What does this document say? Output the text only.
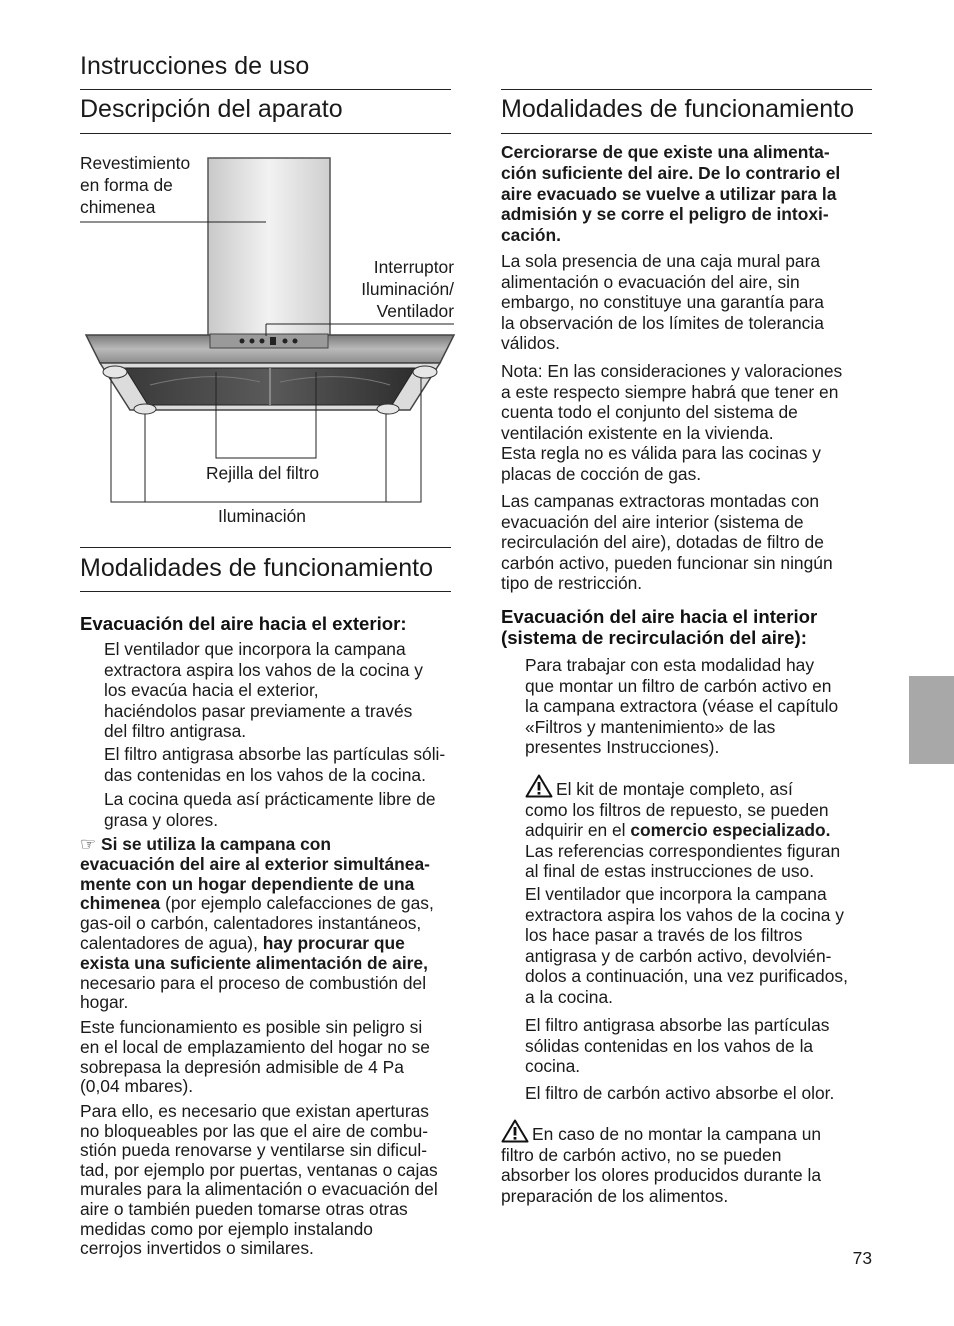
Instrucciones de uso
Descripción del aparato
Revestimiento
en forma de
chimenea
Interruptor
Iluminación/
Ventilador
Rejilla del filtro
Iluminación
Modalidades de funcionamiento
Evacuación del aire hacia el exterior:
El ventilador que incorpora la campana
extractora aspira los vahos de la cocina y
los evacúa hacia el exterior,
haciéndolos pasar previamente a través
del filtro antigrasa.
El filtro antigrasa absorbe las partículas sóli-
das contenidas en los vahos de la cocina.
La cocina queda así prácticamente libre de
grasa y olores.
☞ Si se utiliza la campana con
evacuación del aire al exterior simultánea-
mente con un hogar dependiente de una
chimenea (por ejemplo calefacciones de gas,
gas-oil o carbón, calentadores instantáneos,
calentadores de agua), hay procurar que
exista una suficiente alimentación de aire,
necesario para el proceso de combustión del
hogar.
Este funcionamiento es posible sin peligro si
en el local de emplazamiento del hogar no se
sobrepasa la depresión admisible de 4 Pa
(0,04 mbares).
Para ello, es necesario que existan aperturas
no bloqueables por las que el aire de combu-
stión pueda renovarse y ventilarse sin dificul-
tad, por ejemplo por puertas, ventanas o cajas
murales para la alimentación o evacuación del
aire o también pueden tomarse otras otras
medidas como por ejemplo instalando
cerrojos invertidos o similares.
Modalidades de funcionamiento
Cerciorarse de que existe una alimenta-
ción suficiente del aire. De lo contrario el
aire evacuado se vuelve a utilizar para la
admisión y se corre el peligro de intoxi-
cación.
La sola presencia de una caja mural para
alimentación o evacuación del aire, sin
embargo, no constituye una garantía para
la observación de los límites de tolerancia
válidos.
Nota: En las consideraciones y valoraciones
a este respecto siempre habrá que tener en
cuenta todo el conjunto del sistema de
ventilación existente en la vivienda.
Esta regla no es válida para las cocinas y
placas de cocción de gas.
Las campanas extractoras montadas con
evacuación del aire interior (sistema de
recirculación del aire), dotadas de filtro de
carbón activo, pueden funcionar sin ningún
tipo de restricción.
Evacuación del aire hacia el interior
(sistema de recirculación del aire):
Para trabajar con esta modalidad hay
que montar un filtro de carbón activo en
la campana extractora (véase el capítulo
«Filtros y mantenimiento» de las
presentes Instrucciones).
El kit de montaje completo, así
como los filtros de repuesto, se pueden
adquirir en el comercio especializado.
Las referencias correspondientes figuran
al final de estas instrucciones de uso.
El ventilador que incorpora la campana
extractora aspira los vahos de la cocina y
los hace pasar a través de los filtros
antigrasa y de carbón activo, devolvién-
dolos a continuación, una vez purificados,
a la cocina.
El filtro antigrasa absorbe las partículas
sólidas contenidas en los vahos de la
cocina.
El filtro de carbón activo absorbe el olor.
En caso de no montar la campana un
filtro de carbón activo, no se pueden
absorber los olores producidos durante la
preparación de los alimentos.
73
